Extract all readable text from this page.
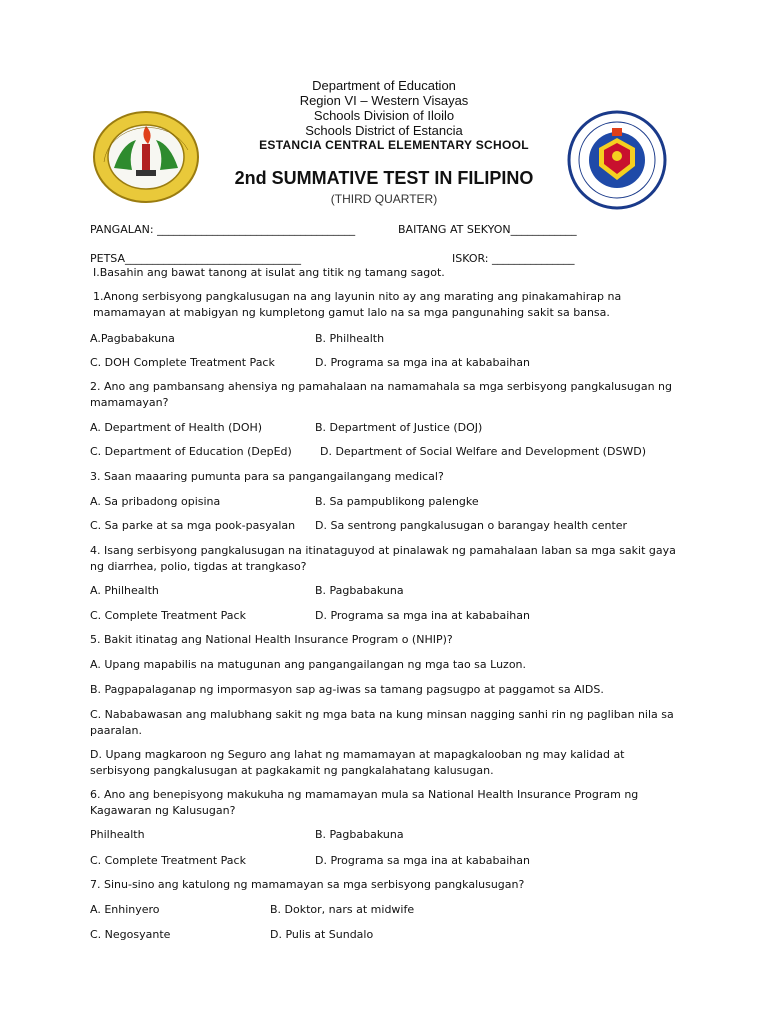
Department of Education
Region VI – Western Visayas
Schools Division of Iloilo
Schools District of Estancia
ESTANCIA CENTRAL ELEMENTARY SCHOOL
2nd SUMMATIVE TEST IN FILIPINO
(THIRD QUARTER)
PANGALAN: ____________________________________	BAITANG AT SEKYON____________
PETSA________________________________	ISKOR: _______________
I.Basahin ang bawat tanong at isulat ang titik ng tamang sagot.
1.Anong serbisyong pangkalusugan na ang layunin nito ay ang marating ang pinakamahirap na mamamayan at mabigyan ng kumpletong gamut lalo na sa mga pangunahing sakit sa bansa.
A.Pagbabakuna	B. Philhealth
C. DOH Complete Treatment Pack	D. Programa sa mga ina at kababaihan
2. Ano ang pambansang ahensiya ng pamahalaan na namamahala sa mga serbisyong pangkalusugan ng mamamayan?
A. Department of Health (DOH)	B. Department of Justice (DOJ)
C. Department of Education (DepEd)	D. Department of Social Welfare and Development (DSWD)
3. Saan maaaring pumunta para sa pangangailangang medical?
A. Sa pribadong opisina	B. Sa pampublikong palengke
C. Sa parke at sa mga pook-pasyalan D. Sa sentrong pangkalusugan o barangay health center
4. Isang serbisyong pangkalusugan na itinataguyod at pinalawak ng pamahalaan laban sa mga sakit gaya ng diarrhea, polio, tigdas at trangkaso?
A. Philhealth	B. Pagbabakuna
C. Complete Treatment Pack	D. Programa sa mga ina at kababaihan
5. Bakit itinatag ang National Health Insurance Program o (NHIP)?
A. Upang mapabilis na matugunan ang pangangailangan ng mga tao sa Luzon.
B. Pagpapalaganap ng impormasyon sap ag-iwas sa tamang pagsugpo at paggamot sa AIDS.
C. Nababawasan ang malubhang sakit ng mga bata na kung minsan nagging sanhi rin ng pagliban nila sa paaralan.
D. Upang magkaroon ng Seguro ang lahat ng mamamayan at mapagkalooban ng may kalidad at serbisyong pangkalusugan at pagkakamit ng pangkalahatang kalusugan.
6. Ano ang benepisyong makukuha ng mamamayan mula sa National Health Insurance Program ng Kagawaran ng Kalusugan?
Philhealth	B. Pagbabakuna
C. Complete Treatment Pack	D. Programa sa mga ina at kababaihan
7. Sinu-sino ang katulong ng mamamayan sa mga serbisyong pangkalusugan?
A. Enhinyero	B. Doktor, nars at midwife
C. Negosyante	D. Pulis at Sundalo
